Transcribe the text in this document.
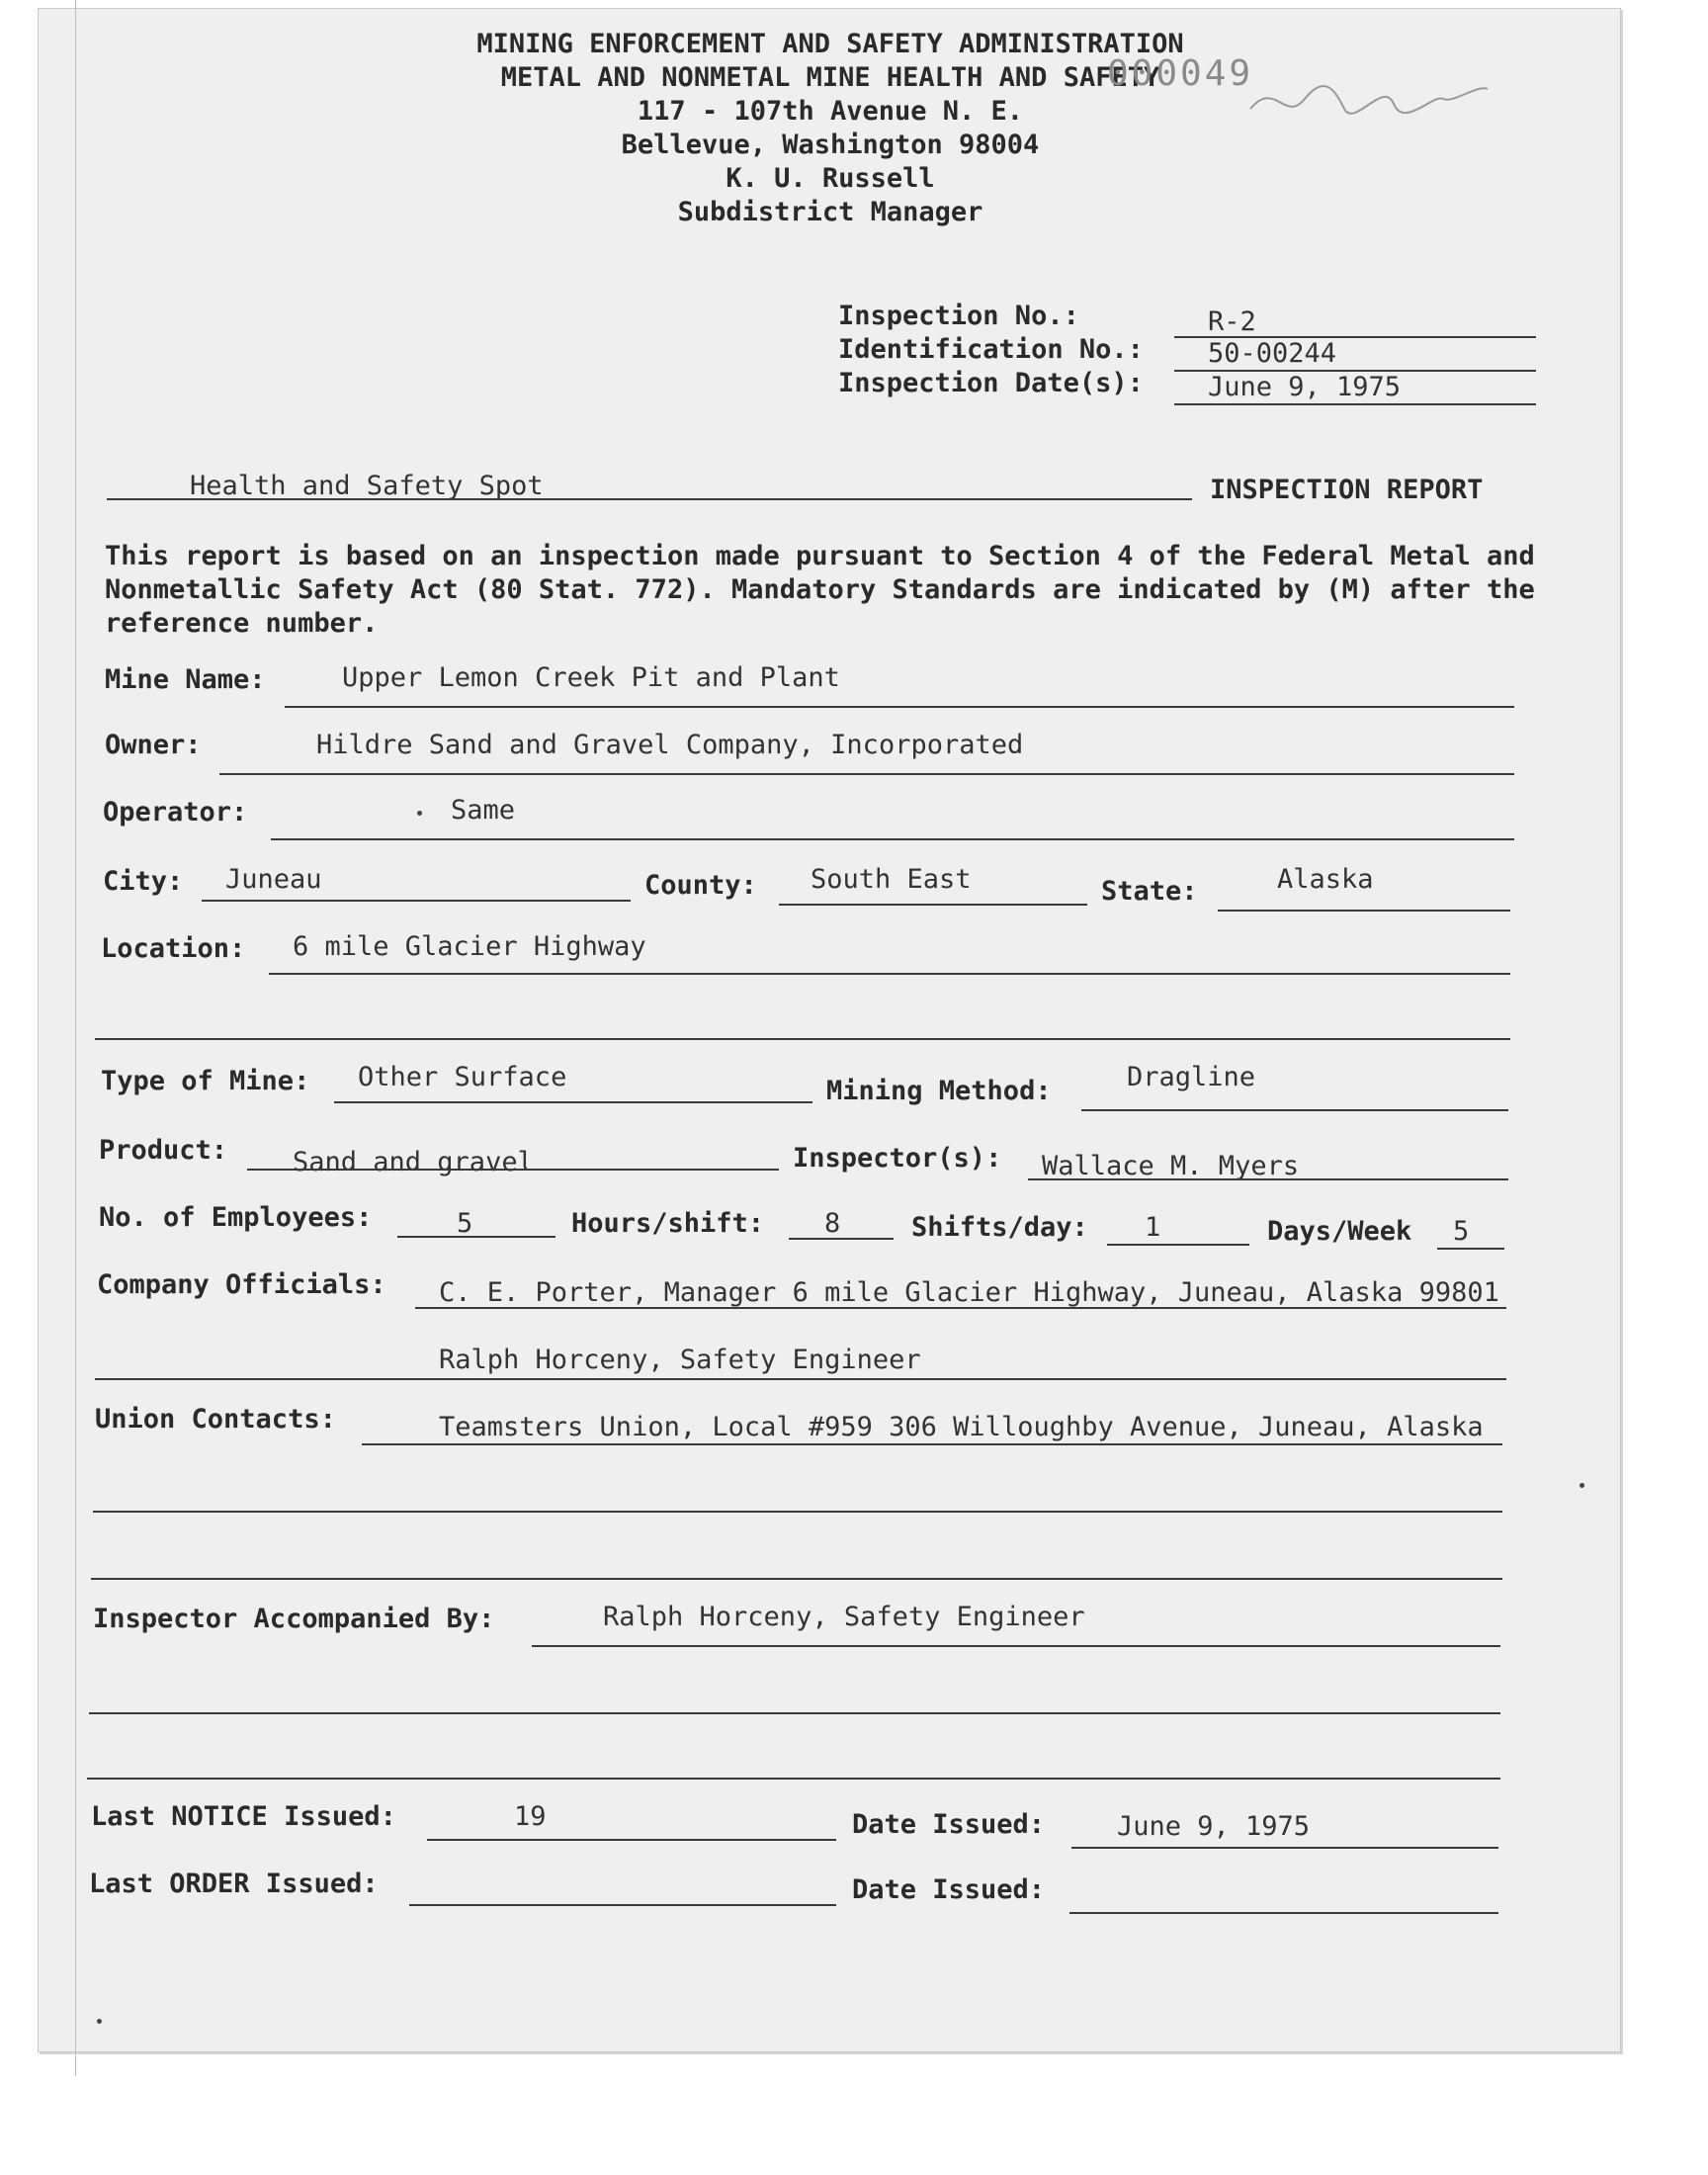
MINING ENFORCEMENT AND SAFETY ADMINISTRATION
METAL AND NONMETAL MINE HEALTH AND SAFETY
117 - 107th Avenue N. E.
Bellevue, Washington 98004
K. U. Russell
Subdistrict Manager
000049
Inspection No.:	R-2
Identification No.: 50-00244
Inspection Date(s): June 9, 1975
Health and Safety Spot	INSPECTION REPORT
This report is based on an inspection made pursuant to Section 4 of the Federal Metal and Nonmetallic Safety Act (80 Stat. 772). Mandatory Standards are indicated by (M) after the reference number.
Mine Name:	Upper Lemon Creek Pit and Plant
Owner:	Hildre Sand and Gravel Company, Incorporated
Operator:	Same
City: Juneau	County: South East	State:	Alaska
Location: 6 mile Glacier Highway
Type of Mine: Other Surface	Mining Method:	Dragline
Product: Sand and gravel	Inspector(s): Wallace M. Myers
No. of Employees:	5	Hours/shift: 8	Shifts/day: 1	Days/Week 5
Company Officials: C. E. Porter, Manager 6 mile Glacier Highway, Juneau, Alaska 99801
Ralph Horceny, Safety Engineer
Union Contacts:	Teamsters Union, Local #959 306 Willoughby Avenue, Juneau, Alaska
Inspector Accompanied By:	Ralph Horceny, Safety Engineer
Last NOTICE Issued:	19	Date Issued:	June 9, 1975
Last ORDER Issued:	Date Issued:
